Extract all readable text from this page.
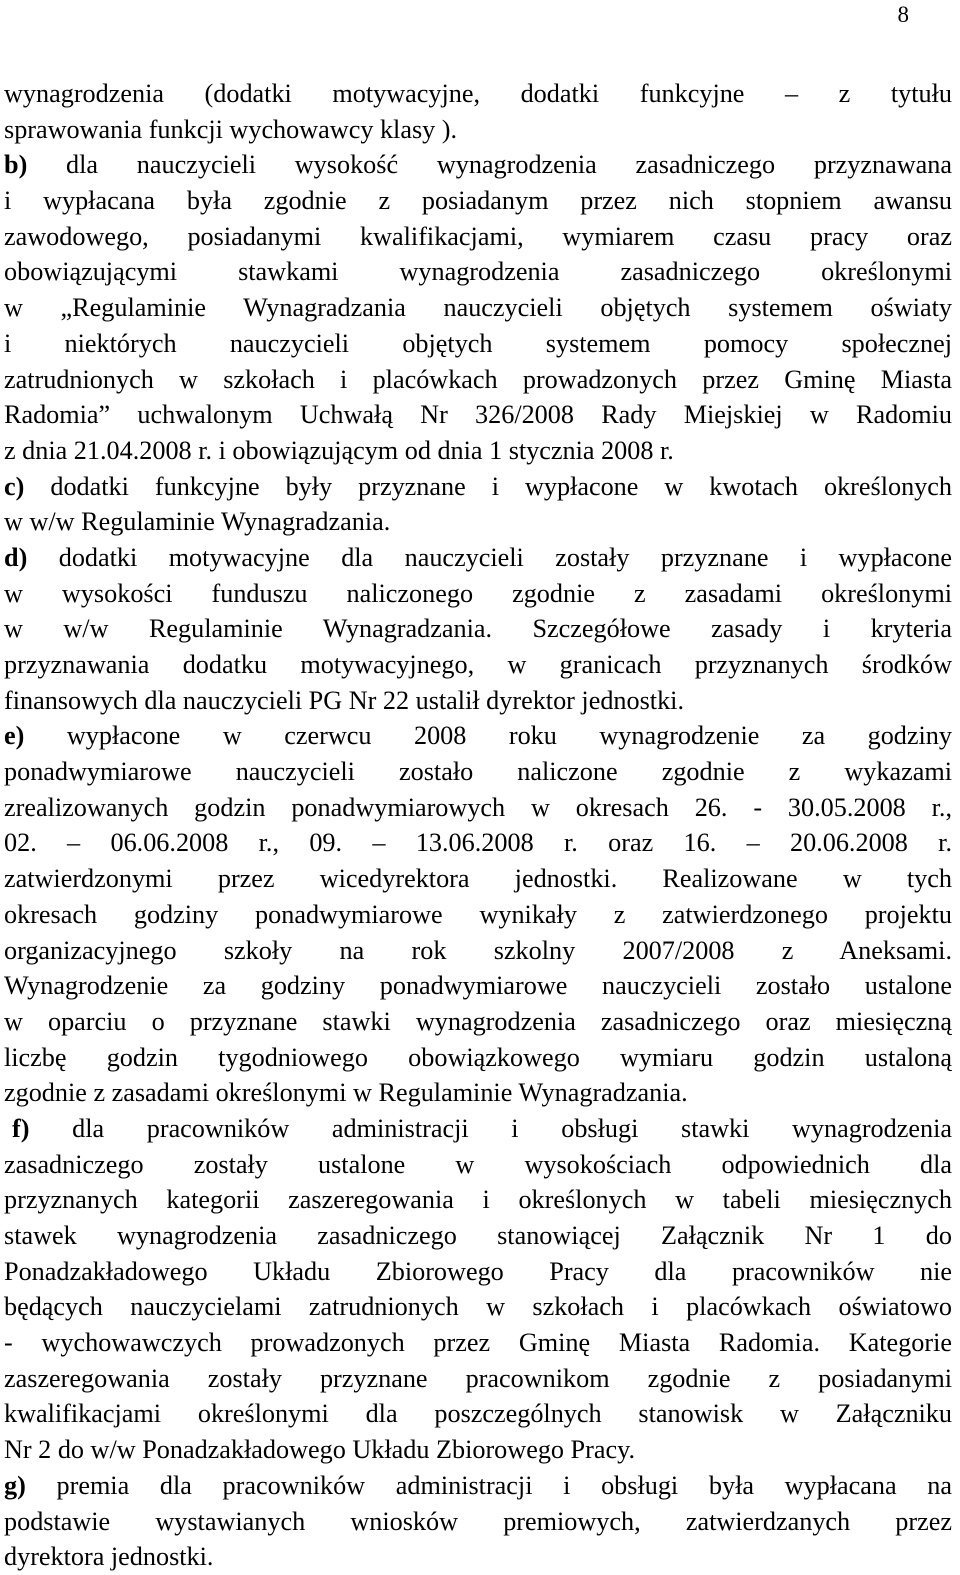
8
wynagrodzenia (dodatki motywacyjne, dodatki funkcyjne – z tytułu
sprawowania funkcji wychowawcy klasy ).
b) dla nauczycieli wysokość wynagrodzenia zasadniczego przyznawana
i wypłacana była zgodnie z posiadanym przez nich stopniem awansu
zawodowego, posiadanymi kwalifikacjami, wymiarem czasu pracy oraz
obowiązującymi stawkami wynagrodzenia zasadniczego określonymi
w „Regulaminie Wynagradzania nauczycieli objętych systemem oświaty
i niektórych nauczycieli objętych systemem pomocy społecznej
zatrudnionych w szkołach i placówkach prowadzonych przez Gminę Miasta
Radomia” uchwalonym Uchwałą Nr 326/2008 Rady Miejskiej w Radomiu
z dnia 21.04.2008 r. i obowiązującym od dnia 1 stycznia 2008 r.
c) dodatki funkcyjne były przyznane i wypłacone w kwotach określonych
w w/w Regulaminie Wynagradzania.
d) dodatki motywacyjne dla nauczycieli zostały przyznane i wypłacone
w wysokości funduszu naliczonego zgodnie z zasadami określonymi
w w/w Regulaminie Wynagradzania. Szczegółowe zasady i kryteria
przyznawania dodatku motywacyjnego, w granicach przyznanych środków
finansowych dla nauczycieli PG Nr 22 ustalił dyrektor jednostki.
e) wypłacone w czerwcu 2008 roku wynagrodzenie za godziny
ponadwymiarowe nauczycieli zostało naliczone zgodnie z wykazami
zrealizowanych godzin ponadwymiarowych w okresach 26. - 30.05.2008 r.,
02. – 06.06.2008 r., 09. – 13.06.2008 r. oraz 16. – 20.06.2008 r.
zatwierdzonymi przez wicedyrektora jednostki. Realizowane w tych
okresach godziny ponadwymiarowe wynikały z zatwierdzonego projektu
organizacyjnego szkoły na rok szkolny 2007/2008 z Aneksami.
Wynagrodzenie za godziny ponadwymiarowe nauczycieli zostało ustalone
w oparciu o przyznane stawki wynagrodzenia zasadniczego oraz miesięczną
liczbę godzin tygodniowego obowiązkowego wymiaru godzin ustaloną
zgodnie z zasadami określonymi w Regulaminie Wynagradzania.
f) dla pracowników administracji i obsługi stawki wynagrodzenia
zasadniczego zostały ustalone w wysokościach odpowiednich dla
przyznanych kategorii zaszeregowania i określonych w tabeli miesięcznych
stawek wynagrodzenia zasadniczego stanowiącej Załącznik Nr 1 do
Ponadzakładowego Układu Zbiorowego Pracy dla pracowników nie
będących nauczycielami zatrudnionych w szkołach i placówkach oświatowo
- wychowawczych prowadzonych przez Gminę Miasta Radomia. Kategorie
zaszeregowania zostały przyznane pracownikom zgodnie z posiadanymi
kwalifikacjami określonymi dla poszczególnych stanowisk w Załączniku
Nr 2 do w/w Ponadzakładowego Układu Zbiorowego Pracy.
g) premia dla pracowników administracji i obsługi była wypłacana na
podstawie wystawianych wniosków premiowych, zatwierdzanych przez
dyrektora jednostki.
